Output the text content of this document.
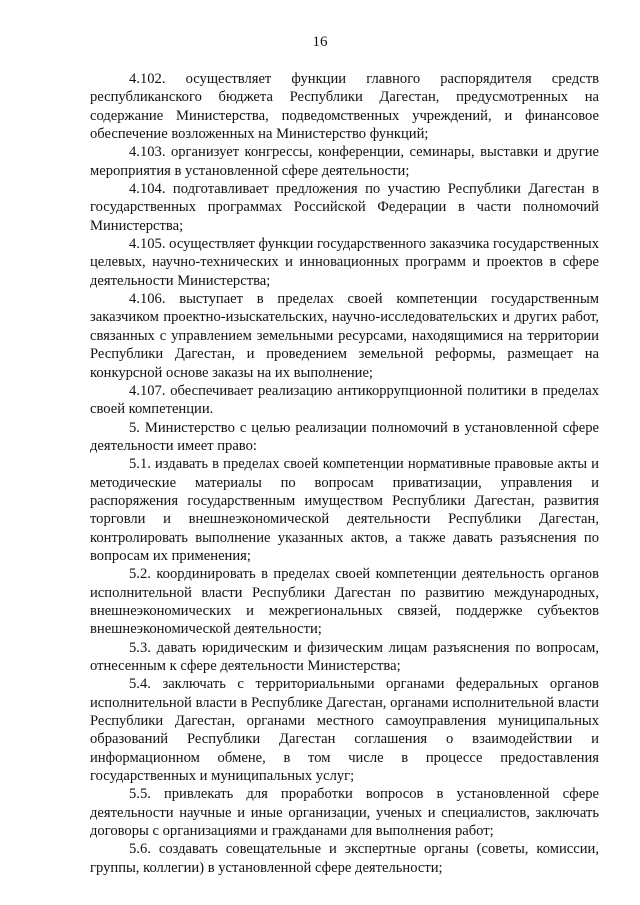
16

4.102. осуществляет функции главного распорядителя средств республиканского бюджета Республики Дагестан, предусмотренных на содержание Министерства, подведомственных учреждений, и финансовое обеспечение возложенных на Министерство функций;

4.103. организует конгрессы, конференции, семинары, выставки и другие мероприятия в установленной сфере деятельности;

4.104. подготавливает предложения по участию Республики Дагестан в государственных программах Российской Федерации в части полномочий Министерства;

4.105. осуществляет функции государственного заказчика государственных целевых, научно-технических и инновационных программ и проектов в сфере деятельности Министерства;

4.106. выступает в пределах своей компетенции государственным заказчиком проектно-изыскательских, научно-исследовательских и других работ, связанных с управлением земельными ресурсами, находящимися на территории Республики Дагестан, и проведением земельной реформы, размещает на конкурсной основе заказы на их выполнение;

4.107. обеспечивает реализацию антикоррупционной политики в пределах своей компетенции.

5. Министерство с целью реализации полномочий в установленной сфере деятельности имеет право:

5.1. издавать в пределах своей компетенции нормативные правовые акты и методические материалы по вопросам приватизации, управления и распоряжения государственным имуществом Республики Дагестан, развития торговли и внешнеэкономической деятельности Республики Дагестан, контролировать выполнение указанных актов, а также давать разъяснения по вопросам их применения;

5.2. координировать в пределах своей компетенции деятельность органов исполнительной власти Республики Дагестан по развитию международных, внешнеэкономических и межрегиональных связей, поддержке субъектов внешнеэкономической деятельности;

5.3. давать юридическим и физическим лицам разъяснения по вопросам, отнесенным к сфере деятельности Министерства;

5.4. заключать с территориальными органами федеральных органов исполнительной власти в Республике Дагестан, органами исполнительной власти Республики Дагестан, органами местного самоуправления муниципальных образований Республики Дагестан соглашения о взаимодействии и информационном обмене, в том числе в процессе предоставления государственных и муниципальных услуг;

5.5. привлекать для проработки вопросов в установленной сфере деятельности научные и иные организации, ученых и специалистов, заключать договоры с организациями и гражданами для выполнения работ;

5.6. создавать совещательные и экспертные органы (советы, комиссии, группы, коллегии) в установленной сфере деятельности;
